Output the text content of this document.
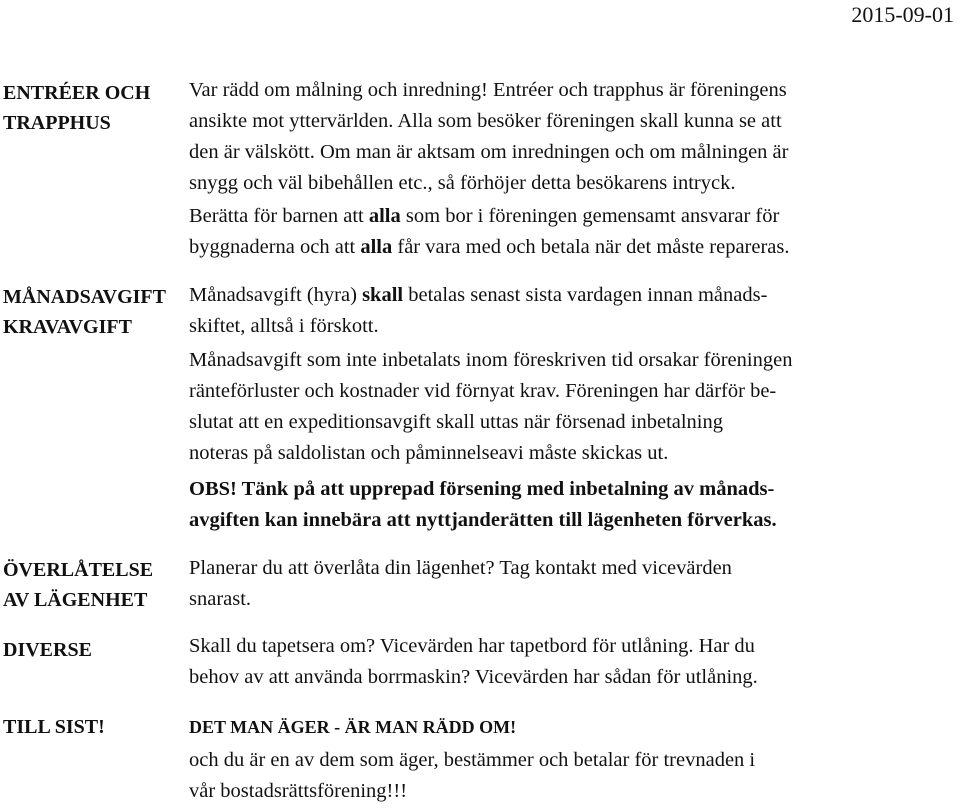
2015-09-01
ENTRÉER OCH
TRAPPHUS
Var rädd om målning och inredning! Entréer och trapphus är föreningens
ansikte mot yttervärlden. Alla som besöker föreningen skall kunna se att
den är välskött. Om man är aktsam om inredningen och om målningen är
snygg och väl bibehållen etc., så förhöjer detta besökarens intryck.
Berätta för barnen att alla som bor i föreningen gemensamt ansvarar för
byggnaderna och att alla får vara med och betala när det måste repareras.
MÅNADSAVGIFT
KRAVAVGIFT
Månadsavgift (hyra) skall betalas senast sista vardagen innan månads-
skiftet, alltså i förskott.
Månadsavgift som inte inbetalats inom föreskriven tid orsakar föreningen
ränteförluster och kostnader vid förnyat krav. Föreningen har därför be-
slutat att en expeditionsavgift skall uttas när försenad inbetalning
noteras på saldolistan och påminnelseavi måste skickas ut.
OBS! Tänk på att upprepad försening med inbetalning av månads-
avgiften kan innebära att nyttjanderätten till lägenheten förverkas.
ÖVERLÅTELSE
AV LÄGENHET
Planerar du att överlåta din lägenhet? Tag kontakt med vicevärden
snarast.
DIVERSE	Skall du tapetsera om? Vicevärden har tapetbord för utlåning. Har du
behov av att använda borrmaskin? Vicevärden har sådan för utlåning.
TILL SIST!	DET MAN ÄGER - ÄR MAN RÄDD OM!
och du är en av dem som äger, bestämmer och betalar för trevnaden i
vår bostadsrättsförening!!!
